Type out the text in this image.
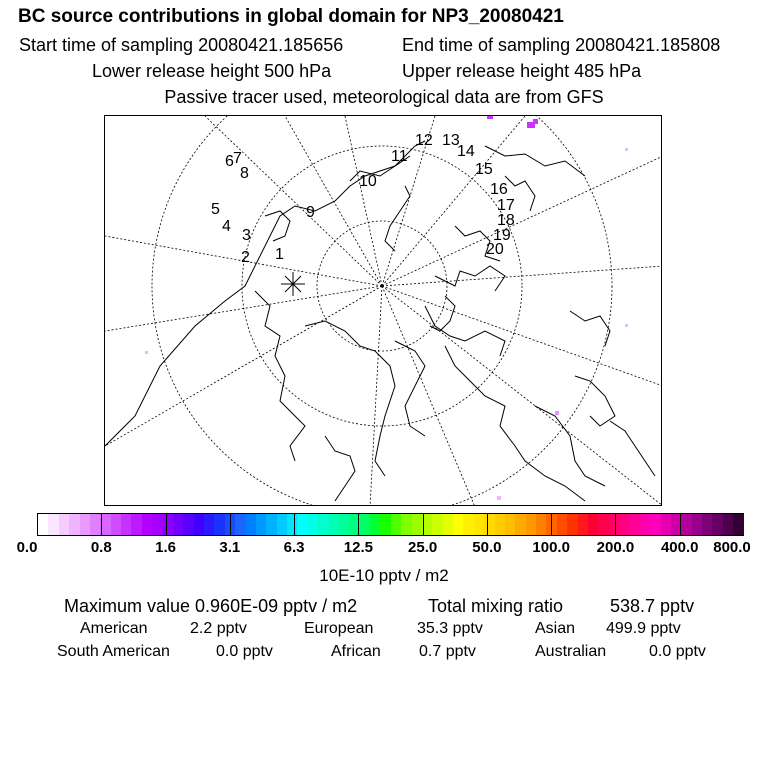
BC source contributions in global domain for NP3_20080421
Start time of sampling 20080421.185656	End time of sampling 20080421.185808
Lower release height 500 hPa	Upper release height 485 hPa
Passive tracer used, meteorological data are from GFS
1
2
3
4
5
6 7
8
9
10
11
12 13
14
15
16
17
18
19
20
0.0	0.8	1.6	3.1	6.3	12.5 25.0 50.0 100.0 200.0 400.0 800.0
10E-10 pptv / m2
Maximum value 0.960E-09 pptv / m2	Total mixing ratio	538.7 pptv
American	2.2 pptv	European	35.3 pptv	Asian 499.9 pptv
South American	0.0 pptv	African 0.7 pptv	Australian	0.0 pptv
